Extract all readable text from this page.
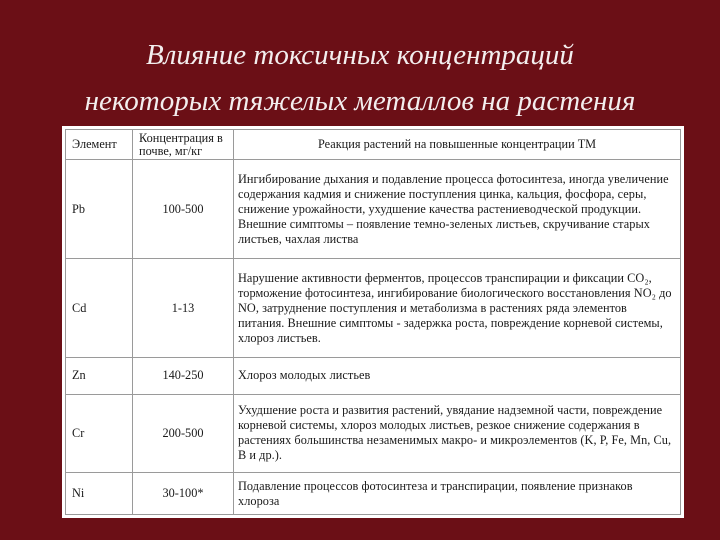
Влияние токсичных концентраций
некоторых тяжелых металлов на растения
Элемент	Концентрация в почве, мг/кг	Реакция растений на повышенные концентрации ТМ
Pb	100-500	Ингибирование дыхания и подавление процесса фотосинтеза, иногда увеличение содержания кадмия и снижение поступления цинка, кальция, фосфора, серы, снижение урожайности, ухудшение качества растениеводческой продукции. Внешние симптомы – появление темно-зеленых листьев, скручивание старых листьев, чахлая листва
Cd	1-13	Нарушение активности ферментов, процессов транспирации и фиксации CO₂, торможение фотосинтеза, ингибирование биологического восстановления NO₂ до NO, затруднение поступления и метаболизма в растениях ряда элементов питания. Внешние симптомы - задержка роста, повреждение корневой системы, хлороз листьев.
Zn	140-250	Хлороз молодых листьев
Cr	200-500	Ухудшение роста и развития растений, увядание надземной части, повреждение корневой системы, хлороз молодых листьев, резкое снижение содержания в растениях большинства незаменимых макро- и микроэлементов (K, P, Fe, Mn, Cu, B и др.).
Ni	30-100*	Подавление процессов фотосинтеза и транспирации, появление признаков хлороза
